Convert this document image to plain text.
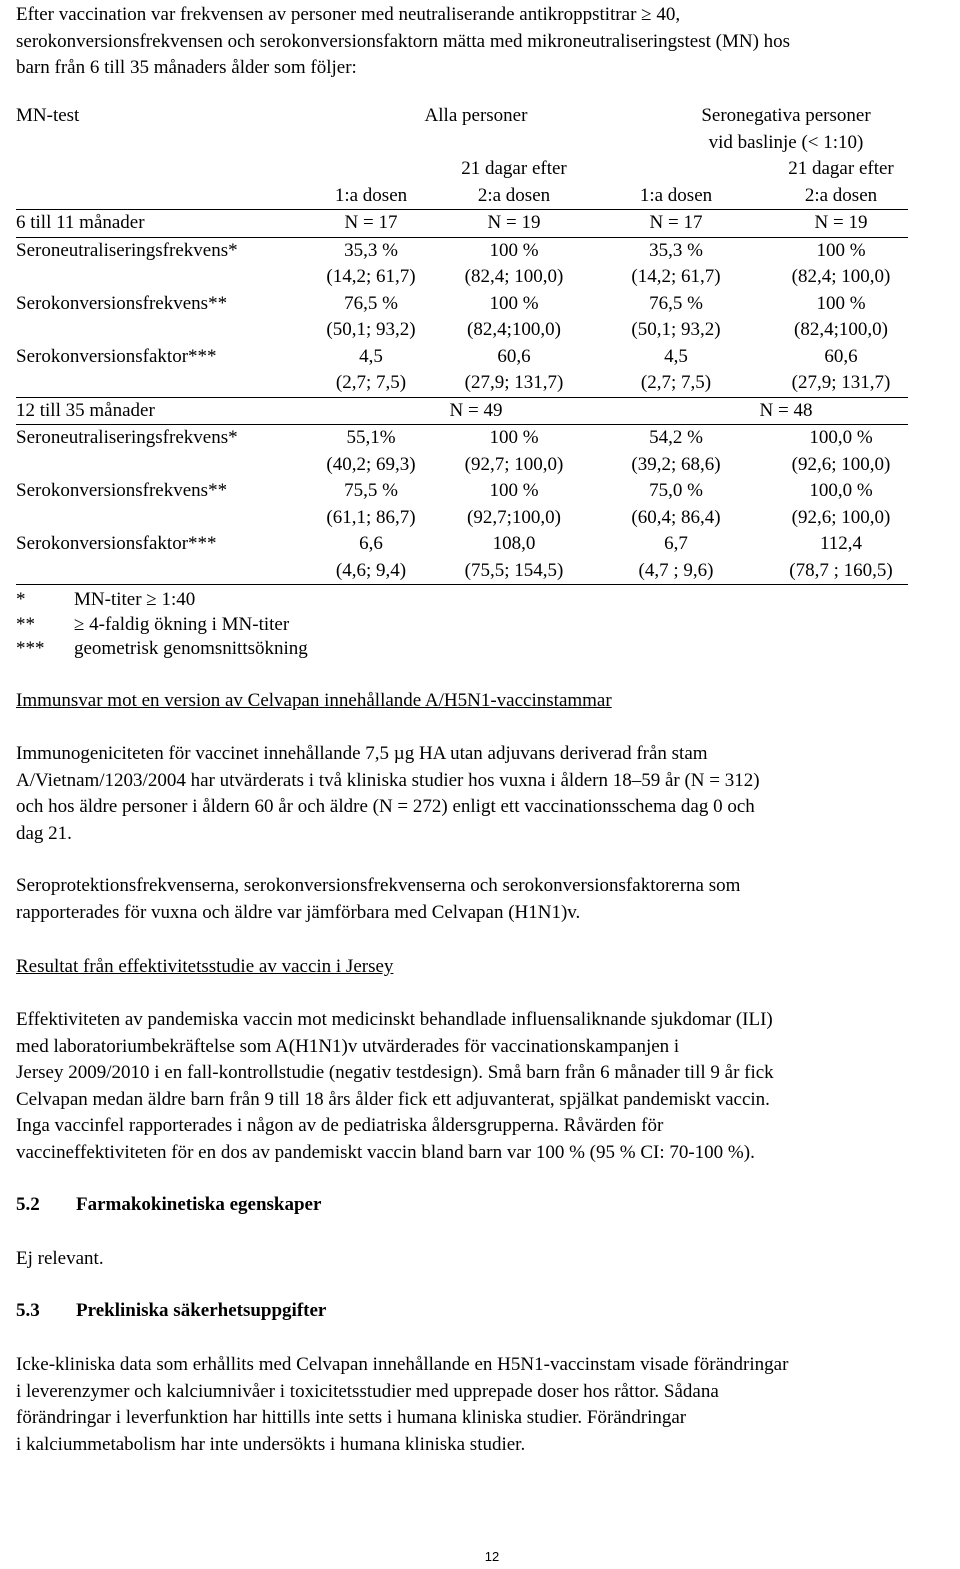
Efter vaccination var frekvensen av personer med neutraliserande antikroppstitrar ≥ 40,
serokonversionsfrekvensen och serokonversionsfaktorn mätta med mikroneutraliseringstest (MN) hos
barn från 6 till 35 månaders ålder som följer:
MN-test	Alla personer	Seronegativa personer
vid baslinje (< 1:10)
21 dagar efter	21 dagar efter
1:a dosen	2:a dosen	1:a dosen	2:a dosen
6 till 11 månader	N = 17	N = 19	N = 17	N = 19
Seroneutraliseringsfrekvens*	35,3 %	100 %	35,3 %	100 %
(14,2; 61,7)	(82,4; 100,0)	(14,2; 61,7)	(82,4; 100,0)
Serokonversionsfrekvens**	76,5 %	100 %	76,5 %	100 %
(50,1; 93,2)	(82,4;100,0)	(50,1; 93,2)	(82,4;100,0)
Serokonversionsfaktor***	4,5	60,6	4,5	60,6
(2,7; 7,5)	(27,9; 131,7)	(2,7; 7,5)	(27,9; 131,7)
12 till 35 månader	N = 49	N = 48
Seroneutraliseringsfrekvens*	55,1%	100 %	54,2 %	100,0 %
(40,2; 69,3)	(92,7; 100,0)	(39,2; 68,6)	(92,6; 100,0)
Serokonversionsfrekvens**	75,5 %	100 %	75,0 %	100,0 %
(61,1; 86,7)	(92,7;100,0)	(60,4; 86,4)	(92,6; 100,0)
Serokonversionsfaktor***	6,6	108,0	6,7	112,4
(4,6; 9,4)	(75,5; 154,5)	(4,7 ; 9,6)	(78,7 ; 160,5)
*	MN-titer ≥ 1:40
** ≥ 4-faldig ökning i MN-titer
*** geometrisk genomsnittsökning
Immunsvar mot en version av Celvapan innehållande A/H5N1-vaccinstammar
Immunogeniciteten för vaccinet innehållande 7,5 µg HA utan adjuvans deriverad från stam
A/Vietnam/1203/2004 har utvärderats i två kliniska studier hos vuxna i åldern 18–59 år (N = 312)
och hos äldre personer i åldern 60 år och äldre (N = 272) enligt ett vaccinationsschema dag 0 och
dag 21.
Seroprotektionsfrekvenserna, serokonversionsfrekvenserna och serokonversionsfaktorerna som
rapporterades för vuxna och äldre var jämförbara med Celvapan (H1N1)v.
Resultat från effektivitetsstudie av vaccin i Jersey
Effektiviteten av pandemiska vaccin mot medicinskt behandlade influensaliknande sjukdomar (ILI)
med laboratoriumbekräftelse som A(H1N1)v utvärderades för vaccinationskampanjen i
Jersey 2009/2010 i en fall-kontrollstudie (negativ testdesign). Små barn från 6 månader till 9 år fick
Celvapan medan äldre barn från 9 till 18 års ålder fick ett adjuvanterat, spjälkat pandemiskt vaccin.
Inga vaccinfel rapporterades i någon av de pediatriska åldersgrupperna. Råvärden för
vaccineffektiviteten för en dos av pandemiskt vaccin bland barn var 100 % (95 % CI: 70-100 %).
5.2 Farmakokinetiska egenskaper
Ej relevant.
5.3 Prekliniska säkerhetsuppgifter
Icke-kliniska data som erhållits med Celvapan innehållande en H5N1-vaccinstam visade förändringar
i leverenzymer och kalciumnivåer i toxicitetsstudier med upprepade doser hos råttor. Sådana
förändringar i leverfunktion har hittills inte setts i humana kliniska studier. Förändringar
i kalciummetabolism har inte undersökts i humana kliniska studier.
12
